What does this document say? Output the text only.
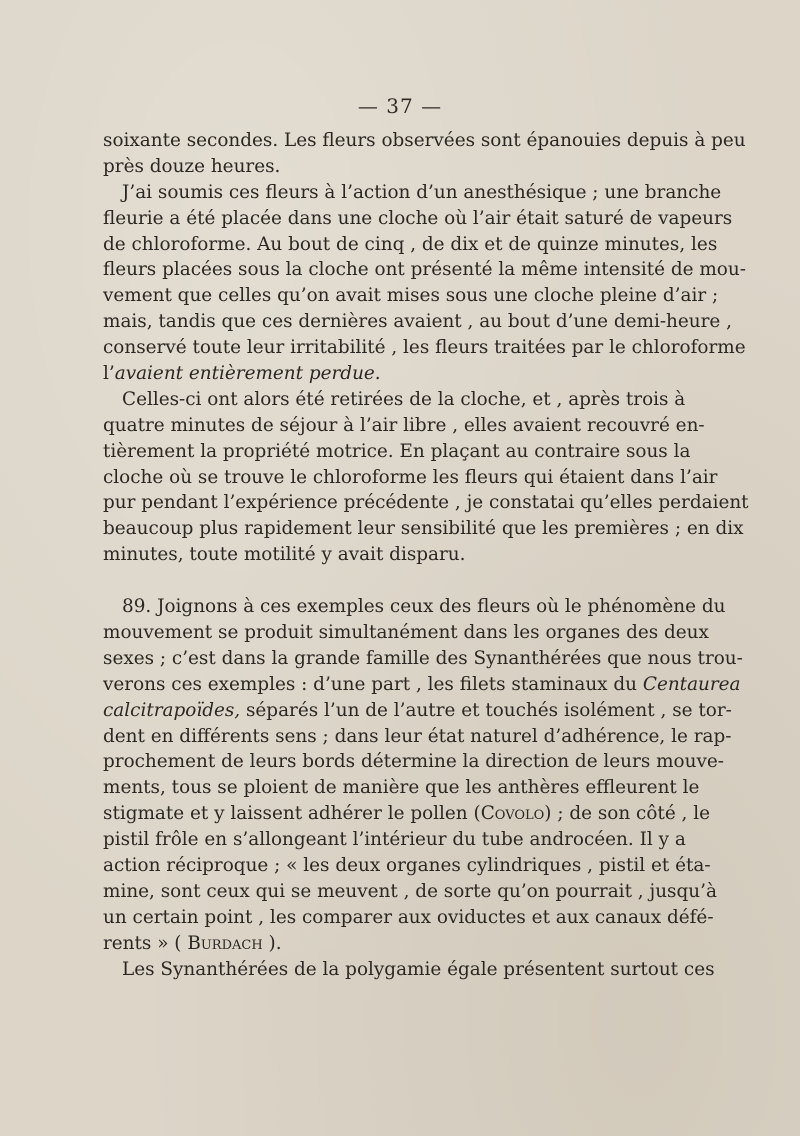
— 37 —
soixante secondes. Les fleurs observées sont épanouies depuis à peu
près douze heures.
J’ai soumis ces fleurs à l’action d’un anesthésique ; une branche
fleurie a été placée dans une cloche où l’air était saturé de vapeurs
de chloroforme. Au bout de cinq , de dix et de quinze minutes, les
fleurs placées sous la cloche ont présenté la même intensité de mou-
vement que celles qu’on avait mises sous une cloche pleine d’air ;
mais, tandis que ces dernières avaient , au bout d’une demi-heure ,
conservé toute leur irritabilité , les fleurs traitées par le chloroforme
l’avaient entièrement perdue.
Celles-ci ont alors été retirées de la cloche, et , après trois à
quatre minutes de séjour à l’air libre , elles avaient recouvré en-
tièrement la propriété motrice. En plaçant au contraire sous la
cloche où se trouve le chloroforme les fleurs qui étaient dans l’air
pur pendant l’expérience précédente , je constatai qu’elles perdaient
beaucoup plus rapidement leur sensibilité que les premières ; en dix
minutes, toute motilité y avait disparu.
89. Joignons à ces exemples ceux des fleurs où le phénomène du
mouvement se produit simultanément dans les organes des deux
sexes ; c’est dans la grande famille des Synanthérées que nous trou-
verons ces exemples : d’une part , les filets staminaux du Centaurea
calcitrapoïdes, séparés l’un de l’autre et touchés isolément , se tor-
dent en différents sens ; dans leur état naturel d’adhérence, le rap-
prochement de leurs bords détermine la direction de leurs mouve-
ments, tous se ploient de manière que les anthères effleurent le
stigmate et y laissent adhérer le pollen (Covolo) ; de son côté , le
pistil frôle en s’allongeant l’intérieur du tube androcéen. Il y a
action réciproque ; « les deux organes cylindriques , pistil et éta-
mine, sont ceux qui se meuvent , de sorte qu’on pourrait , jusqu’à
un certain point , les comparer aux oviductes et aux canaux défé-
rents » ( Burdach ).
Les Synanthérées de la polygamie égale présentent surtout ces
